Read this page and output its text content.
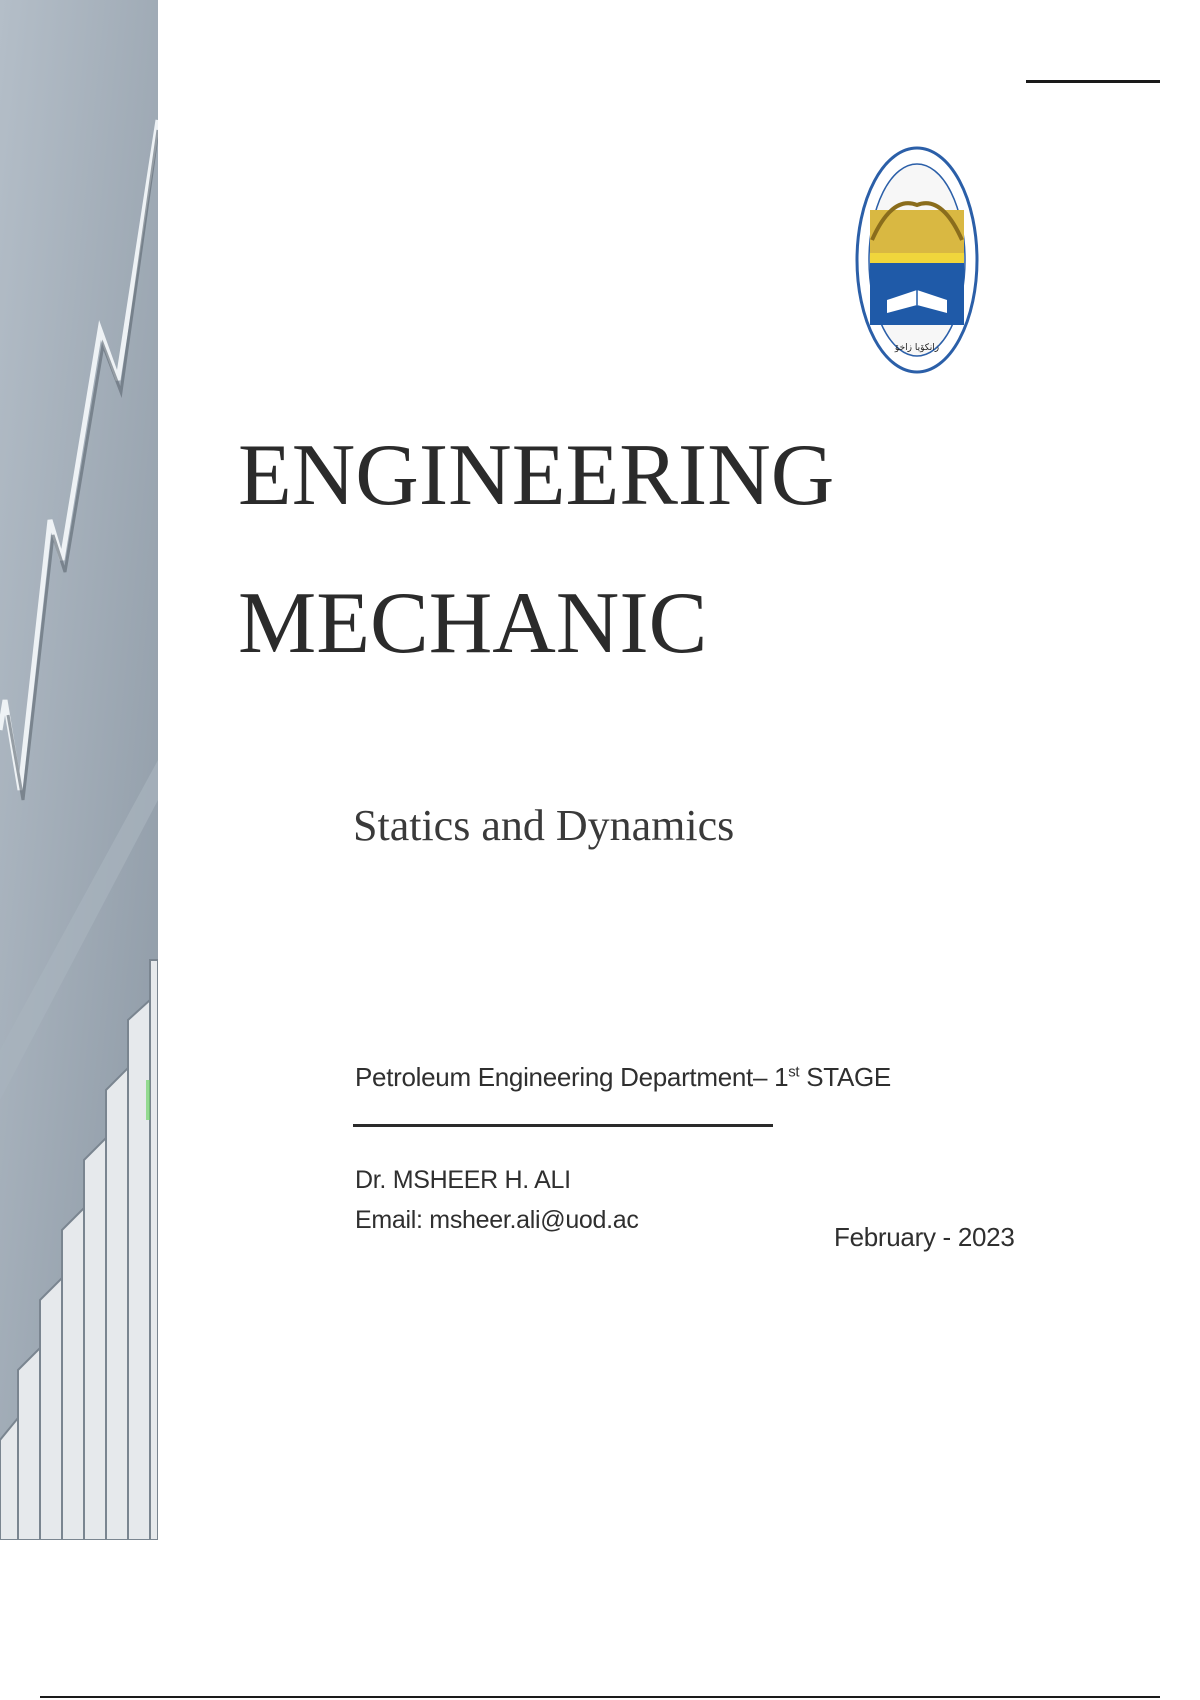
زانكۆيا زاخۆ
ENGINEERING
MECHANIC
Statics and Dynamics
Petroleum Engineering Department– 1st STAGE
Dr. MSHEER H. ALI
Email: msheer.ali@uod.ac
February - 2023
